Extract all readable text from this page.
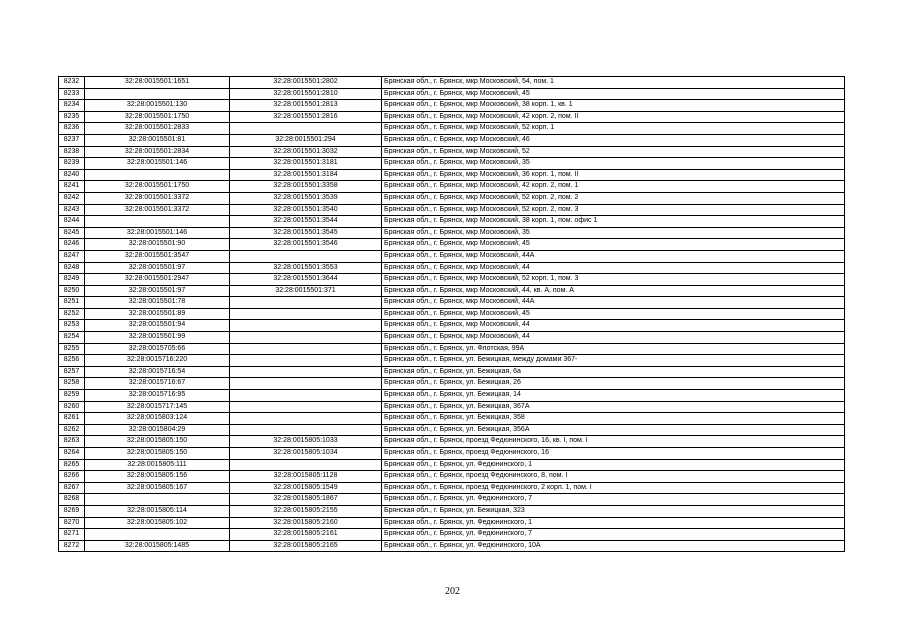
8232	32:28:0015501:1651	32:28:0015501:2802	Брянская обл., г. Брянск, мкр Московский, 54, пом. 1
8233		32:28:0015501:2810	Брянская обл., г. Брянск, мкр Московский, 45
8234	32:28:0015501:130	32:28:0015501:2813	Брянская обл., г. Брянск, мкр Московский, 38 корп. 1, кв. 1
8235	32:28:0015501:1750	32:28:0015501:2816	Брянская обл., г. Брянск, мкр Московский, 42 корп. 2, пом. II
8236	32:28:0015501:2833		Брянская обл., г. Брянск, мкр Московский, 52 корп. 1
8237	32:28:0015501:81	32:28:0015501:294	Брянская обл., г. Брянск, мкр Московский, 46
8238	32:28:0015501:2834	32:28:0015501:3032	Брянская обл., г. Брянск, мкр Московский, 52
8239	32:28:0015501:146	32:28:0015501:3181	Брянская обл., г. Брянск, мкр Московский, 35
8240		32:28:0015501:3184	Брянская обл., г. Брянск, мкр Московский, 36 корп. 1, пом. II
8241	32:28:0015501:1750	32:28:0015501:3358	Брянская обл., г. Брянск, мкр Московский, 42 корп. 2, пом. 1
8242	32:28:0015501:3372	32:28:0015501:3539	Брянская обл., г. Брянск, мкр Московский, 52 корп. 2, пом. 2
8243	32:28:0015501:3372	32:28:0015501:3540	Брянская обл., г. Брянск, мкр Московский, 52 корп. 2, пом. 3
8244		32:28:0015501:3544	Брянская обл., г. Брянск, мкр Московский, 38 корп. 1, пом. офис 1
8245	32:28:0015501:146	32:28:0015501:3545	Брянская обл., г. Брянск, мкр Московский, 35
8246	32:28:0015501:90	32:28:0015501:3546	Брянская обл., г. Брянск, мкр Московский, 45
8247	32:28:0015501:3547		Брянская обл., г. Брянск, мкр Московский, 44А
8248	32:28:0015501:97	32:28:0015501:3553	Брянская обл., г. Брянск, мкр Московский, 44
8249	32:28:0015501:2947	32:28:0015501:3644	Брянская обл., г. Брянск, мкр Московский, 52 корп. 1, пом. 3
8250	32:28:0015501:97	32:28:0015501:371	Брянская обл., г. Брянск, мкр Московский, 44, кв. А, пом. А
8251	32:28:0015501:78		Брянская обл., г. Брянск, мкр Московский, 44А
8252	32:28:0015501:89		Брянская обл., г. Брянск, мкр Московский, 45
8253	32:28:0015501:94		Брянская обл., г. Брянск, мкр Московский, 44
8254	32:28:0015501:99		Брянская обл., г. Брянск, мкр Московский, 44
8255	32:28:0015705:66		Брянская обл., г. Брянск, ул. Флотская, 99А
8256	32:28:0015716:220		Брянская обл., г. Брянск, ул. Бежицкая, между домами 367-
8257	32:28:0015716:54		Брянская обл., г. Брянск, ул. Бежицкая, 6а
8258	32:28:0015716:67		Брянская обл., г. Брянск, ул. Бежицкая, 26
8259	32:28:0015716:95		Брянская обл., г. Брянск, ул. Бежицкая, 14
8260	32:28:0015717:145		Брянская обл., г. Брянск, ул. Бежицкая, 367А
8261	32:28:0015803:124		Брянская обл., г. Брянск, ул. Бежицкая, 358
8262	32:28:0015804:29		Брянская обл., г. Брянск, ул. Бежицкая, 356А
8263	32:28:0015805:150	32:28:0015805:1033	Брянская обл., г. Брянск, проезд Федюнинского, 16, кв. I, пом. I
8264	32:28:0015805:150	32:28:0015805:1034	Брянская обл., г. Брянск, проезд Федюнинского, 16
8265	32:28:0015805:111		Брянская обл., г. Брянск, ул. Федюнинского, 1
8266	32:28:0015805:156	32:28:0015805:1128	Брянская обл., г. Брянск, проезд Федюнинского, 8, пом. I
8267	32:28:0015805:167	32:28:0015805:1549	Брянская обл., г. Брянск, проезд Федюнинского, 2 корп. 1, пом. I
8268		32:28:0015805:1867	Брянская обл., г. Брянск, ул. Федюнинского, 7
8269	32:28:0015805:114	32:28:0015805:2155	Брянская обл., г. Брянск, ул. Бежицкая, 323
8270	32:28:0015805:102	32:28:0015805:2160	Брянская обл., г. Брянск, ул. Федюнинского, 1
8271		32:28:0015805:2161	Брянская обл., г. Брянск, ул. Федюнинского, 7
8272	32:28:0015805:1485	32:28:0015805:2165	Брянская обл., г. Брянск, ул. Федюнинского, 10А
202
